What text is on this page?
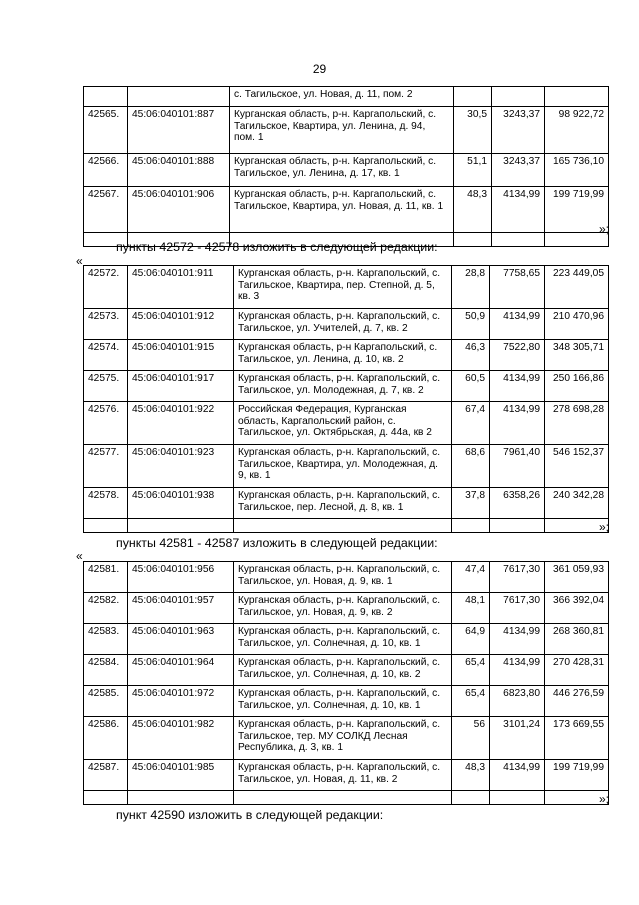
29
		с. Тагильское, ул. Новая, д. 11, пом. 2			
42565.	45:06:040101:887	Курганская область, р-н. Каргапольский, с. Тагильское, Квартира, ул. Ленина, д. 94, пом. 1	30,5	3243,37	98 922,72
42566.	45:06:040101:888	Курганская область, р-н. Каргапольский, с. Тагильское, ул. Ленина, д. 17, кв. 1	51,1	3243,37	165 736,10
42567.	45:06:040101:906	Курганская область, р-н. Каргапольский, с. Тагильское, Квартира, ул. Новая, д. 11, кв. 1	48,3	4134,99	199 719,99

»;
пункты 42572 - 42578 изложить в следующей редакции:
«
42572.	45:06:040101:911	Курганская область, р-н. Каргапольский, с. Тагильское, Квартира, пер. Степной, д. 5, кв. 3	28,8	7758,65	223 449,05
42573.	45:06:040101:912	Курганская область, р-н. Каргапольский, с. Тагильское, ул. Учителей, д. 7, кв. 2	50,9	4134,99	210 470,96
42574.	45:06:040101:915	Курганская область, р-н Каргапольский, с. Тагильское, ул. Ленина, д. 10, кв. 2	46,3	7522,80	348 305,71
42575.	45:06:040101:917	Курганская область, р-н. Каргапольский, с. Тагильское, ул. Молодежная, д. 7, кв. 2	60,5	4134,99	250 166,86
42576.	45:06:040101:922	Российская Федерация, Курганская область, Каргапольский район, с. Тагильское, ул. Октябрьская, д. 44а, кв 2	67,4	4134,99	278 698,28
42577.	45:06:040101:923	Курганская область, р-н. Каргапольский, с. Тагильское, Квартира, ул. Молодежная, д. 9, кв. 1	68,6	7961,40	546 152,37
42578.	45:06:040101:938	Курганская область, р-н. Каргапольский, с. Тагильское, пер. Лесной, д. 8, кв. 1	37,8	6358,26	240 342,28

»;
пункты 42581 - 42587 изложить в следующей редакции:
«
42581.	45:06:040101:956	Курганская область, р-н. Каргапольский, с. Тагильское, ул. Новая, д. 9, кв. 1	47,4	7617,30	361 059,93
42582.	45:06:040101:957	Курганская область, р-н. Каргапольский, с. Тагильское, ул. Новая, д. 9, кв. 2	48,1	7617,30	366 392,04
42583.	45:06:040101:963	Курганская область, р-н. Каргапольский, с. Тагильское, ул. Солнечная, д. 10, кв. 1	64,9	4134,99	268 360,81
42584.	45:06:040101:964	Курганская область, р-н. Каргапольский, с. Тагильское, ул. Солнечная, д. 10, кв. 2	65,4	4134,99	270 428,31
42585.	45:06:040101:972	Курганская область, р-н. Каргапольский, с. Тагильское, ул. Солнечная, д. 10, кв. 1	65,4	6823,80	446 276,59
42586.	45:06:040101:982	Курганская область, р-н. Каргапольский, с. Тагильское, тер. МУ СОЛКД Лесная Республика, д. 3, кв. 1	56	3101,24	173 669,55
42587.	45:06:040101:985	Курганская область, р-н. Каргапольский, с. Тагильское, ул. Новая, д. 11, кв. 2	48,3	4134,99	199 719,99

»;
пункт 42590 изложить в следующей редакции:
